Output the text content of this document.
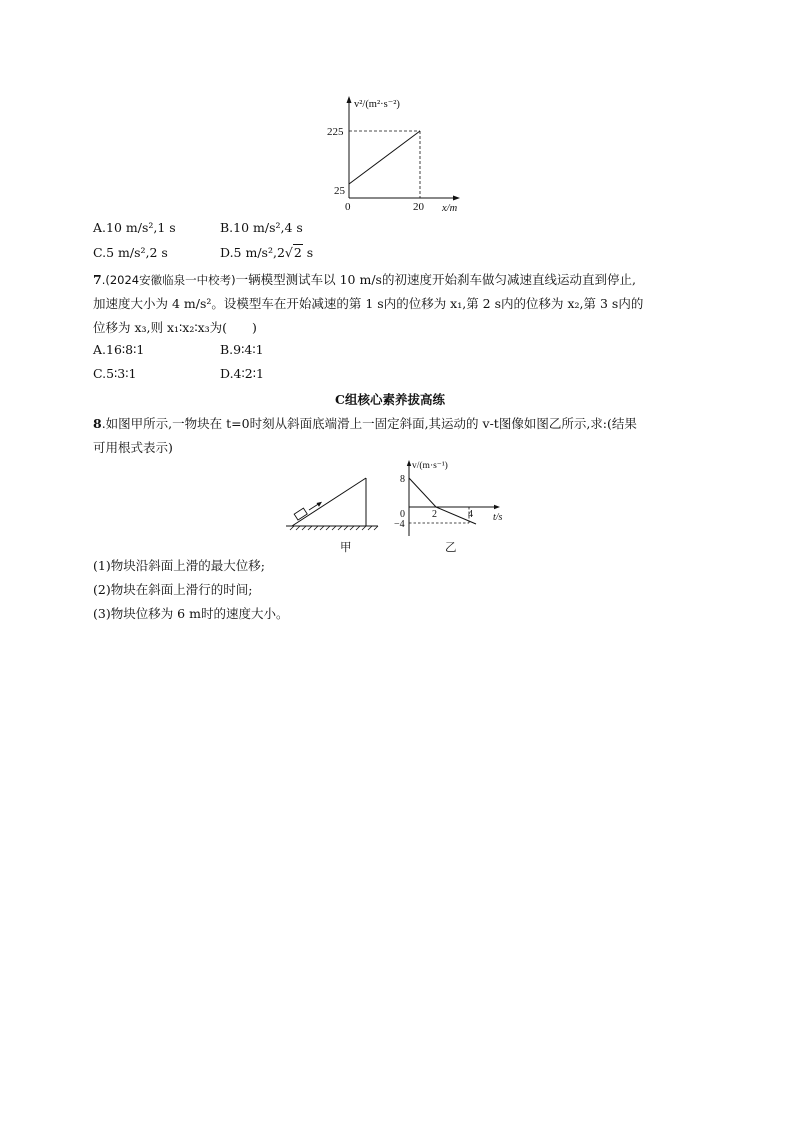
v²/(m²·s⁻²)
225
25
0	20 x/m
A.10 m/s²,1 s	B.10 m/s²,4 s
C.5 m/s²,2 s	D.5 m/s²,2√2 s
7.(2024安徽临泉一中校考)一辆模型测试车以 10 m/s的初速度开始刹车做匀减速直线运动直到停止,
加速度大小为 4 m/s²。设模型车在开始减速的第 1 s内的位移为 x₁,第 2 s内的位移为 x₂,第 3 s内的
位移为 x₃,则 x₁∶x₂∶x₃为(　　)
A.16∶8∶1	B.9∶4∶1
C.5∶3∶1	D.4∶2∶1
C组核心素养拔高练
8.如图甲所示,一物块在 t=0时刻从斜面底端滑上一固定斜面,其运动的 v-t图像如图乙所示,求:(结果
可用根式表示)
甲
v/(m·s⁻¹)
8
−4
0	2	4 t/s
乙
(1)物块沿斜面上滑的最大位移;
(2)物块在斜面上滑行的时间;
(3)物块位移为 6 m时的速度大小。
